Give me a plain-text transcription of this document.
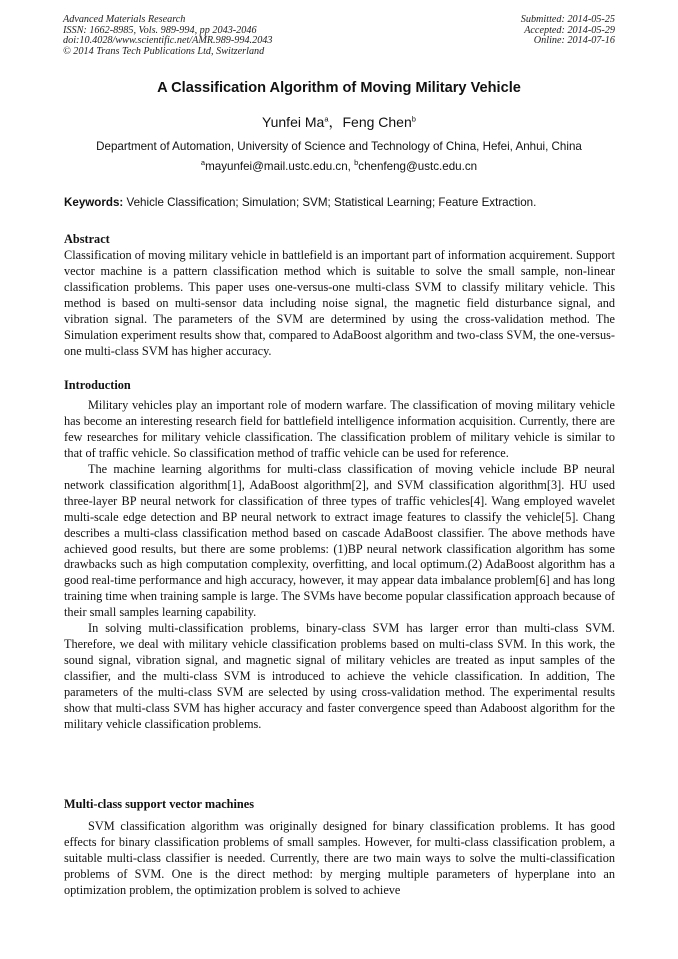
Advanced Materials Research
ISSN: 1662-8985, Vols. 989-994, pp 2043-2046
doi:10.4028/www.scientific.net/AMR.989-994.2043
© 2014 Trans Tech Publications Ltd, Switzerland
Submitted: 2014-05-25
Accepted: 2014-05-29
Online: 2014-07-16
A Classification Algorithm of Moving Military Vehicle
Yunfei Ma$^a$，Feng Chen$^b$
Department of Automation, University of Science and Technology of China, Hefei, Anhui, China
$^a$mayunfei@mail.ustc.edu.cn, $^b$chenfeng@ustc.edu.cn
Keywords: Vehicle Classification; Simulation; SVM; Statistical Learning; Feature Extraction.

Abstract

Classification of moving military vehicle in battlefield is an important part of information acquirement. Support vector machine is a pattern classification method which is suitable to solve the small sample, non-linear classification problems. This paper uses one-versus-one multi-class SVM to classify military vehicle. This method is based on multi-sensor data including noise signal, the magnetic field disturbance signal, and vibration signal. The parameters of the SVM are determined by using the cross-validation method. The Simulation experiment results show that, compared to AdaBoost algorithm and two-class SVM, the one-versus-one multi-class SVM has higher accuracy.

Introduction

Military vehicles play an important role of modern warfare. The classification of moving military vehicle has become an interesting research field for battlefield intelligence information acquisition. Currently, there are few researches for military vehicle classification. The classification problem of military vehicle is similar to that of traffic vehicle. So classification method of traffic vehicle can be used for reference.

The machine learning algorithms for multi-class classification of moving vehicle include BP neural network classification algorithm[1], AdaBoost algorithm[2], and SVM classification algorithm[3]. HU used three-layer BP neural network for classification of three types of traffic vehicles[4]. Wang employed wavelet multi-scale edge detection and BP neural network to extract image features to classify the vehicle[5]. Chang describes a multi-class classification method based on cascade AdaBoost classifier. The above methods have achieved good results, but there are some problems: (1)BP neural network classification algorithm has some drawbacks such as high computation complexity, overfitting, and local optimum.(2) AdaBoost algorithm has a good real-time performance and high accuracy, however, it may appear data imbalance problem[6] and has long training time when training sample is large. The SVMs have become popular classification approach because of their small samples learning capability.

In solving multi-classification problems, binary-class SVM has larger error than multi-class SVM. Therefore, we deal with military vehicle classification problems based on multi-class SVM. In this work, the sound signal, vibration signal, and magnetic signal of military vehicles are treated as input samples of the classifier, and the multi-class SVM is introduced to achieve the vehicle classification. In addition, The parameters of the multi-class SVM are selected by using cross-validation method. The experimental results show that multi-class SVM has higher accuracy and faster convergence speed than Adaboost algorithm for the military vehicle classification problems.

Multi-class support vector machines

SVM classification algorithm was originally designed for binary classification problems. It has good effects for binary classification problems of small samples. However, for multi-class classification problem, a suitable multi-class classifier is needed. Currently, there are two main ways to solve the multi-classification problems of SVM. One is the direct method: by merging multiple parameters of hyperplane into an optimization problem, the optimization problem is solved to achieve
